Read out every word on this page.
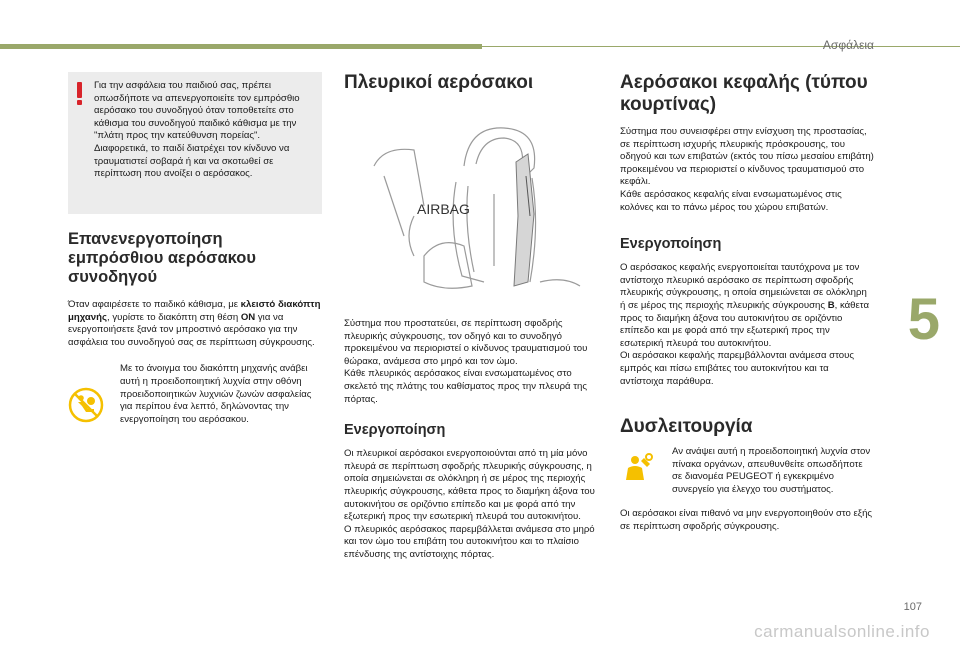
Ασφάλεια
5

Για την ασφάλεια του παιδιού σας, πρέπει οπωσδήποτε να απενεργοποιείτε τον εμπρόσθιο αερόσακο του συνοδηγού όταν τοποθετείτε στο κάθισμα του συνοδηγού παιδικό κάθισμα με την "πλάτη προς την κατεύθυνση πορείας". Διαφορετικά, το παιδί διατρέχει τον κίνδυνο να τραυματιστεί σοβαρά ή και να σκοτωθεί σε περίπτωση που ανοίξει ο αερόσακος.

Επανενεργοποίηση εμπρόσθιου αερόσακου συνοδηγού

Όταν αφαιρέσετε το παιδικό κάθισμα, με κλειστό διακόπτη μηχανής, γυρίστε το διακόπτη στη θέση ON για να ενεργοποιήσετε ξανά τον μπροστινό αερόσακο για την ασφάλεια του συνοδηγού σας σε περίπτωση σύγκρουσης.

Με το άνοιγμα του διακόπτη μηχανής ανάβει αυτή η προειδοποιητική λυχνία στην οθόνη προειδοποιητικών λυχνιών ζωνών ασφαλείας για περίπου ένα λεπτό, δηλώνοντας την ενεργοποίηση του αερόσακου.

Πλευρικοί αερόσακοι
AIRBAG

Σύστημα που προστατεύει, σε περίπτωση σφοδρής πλευρικής σύγκρουσης, τον οδηγό και το συνοδηγό προκειμένου να περιοριστεί ο κίνδυνος τραυματισμού του θώρακα, ανάμεσα στο μηρό και τον ώμο.
Κάθε πλευρικός αερόσακος είναι ενσωματωμένος στο σκελετό της πλάτης του καθίσματος προς την πλευρά της πόρτας.

Ενεργοποίηση

Οι πλευρικοί αερόσακοι ενεργοποιούνται από τη μία μόνο πλευρά σε περίπτωση σφοδρής πλευρικής σύγκρουσης, η οποία σημειώνεται σε ολόκληρη ή σε μέρος της περιοχής πλευρικής σύγκρουσης, κάθετα προς το διαμήκη άξονα του αυτοκινήτου σε οριζόντιο επίπεδο και με φορά από την εξωτερική προς την εσωτερική πλευρά του αυτοκινήτου.
Ο πλευρικός αερόσακος παρεμβάλλεται ανάμεσα στο μηρό και τον ώμο του επιβάτη του αυτοκινήτου και το πλαίσιο επένδυσης της αντίστοιχης πόρτας.

Αερόσακοι κεφαλής (τύπου κουρτίνας)

Σύστημα που συνεισφέρει στην ενίσχυση της προστασίας, σε περίπτωση ισχυρής πλευρικής πρόσκρουσης, του οδηγού και των επιβατών (εκτός του πίσω μεσαίου επιβάτη) προκειμένου να περιοριστεί ο κίνδυνος τραυματισμού στο κεφάλι.
Κάθε αερόσακος κεφαλής είναι ενσωματωμένος στις κολόνες και το πάνω μέρος του χώρου επιβατών.

Ενεργοποίηση

Ο αερόσακος κεφαλής ενεργοποιείται ταυτόχρονα με τον αντίστοιχο πλευρικό αερόσακο σε περίπτωση σφοδρής πλευρικής σύγκρουσης, η οποία σημειώνεται σε ολόκληρη ή σε μέρος της περιοχής πλευρικής σύγκρουσης B, κάθετα προς το διαμήκη άξονα του αυτοκινήτου σε οριζόντιο επίπεδο και με φορά από την εξωτερική προς την εσωτερική πλευρά του αυτοκινήτου.
Οι αερόσακοι κεφαλής παρεμβάλλονται ανάμεσα στους εμπρός και πίσω επιβάτες του αυτοκινήτου και τα αντίστοιχα παράθυρα.

Δυσλειτουργία

Αν ανάψει αυτή η προειδοποιητική λυχνία στον πίνακα οργάνων, απευθυνθείτε οπωσδήποτε σε διανομέα PEUGEOT ή εγκεκριμένο συνεργείο για έλεγχο του συστήματος.

Οι αερόσακοι είναι πιθανό να μην ενεργοποιηθούν στο εξής σε περίπτωση σφοδρής σύγκρουσης.

107
carmanualsonline.info
